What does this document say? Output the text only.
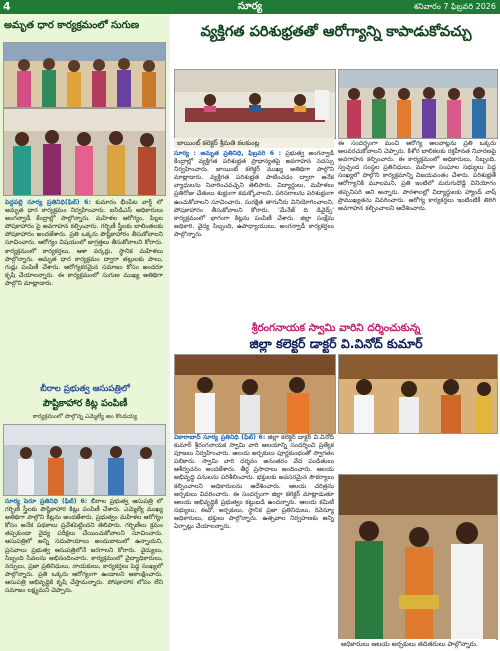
4	సూర్య	శనివారం 7 ఫిబ్రవరి 2026
అమృత ధార కార్యక్రమంలో సుగుణ
పెద్దపల్లి సూర్య ప్రతినిధి(ఫిబ్) 6: కుమారం భీంపేట వార్డ్ లో అమృత ధార కార్యక్రమం నిర్వహించారు. ఐసిడిఎస్ అధికారులు అంగన్వాడీ కేంద్రాల్లో పాల్గొన్నారు. మహిళల ఆరోగ్యం, పిల్లల పోషకాహారం పై అవగాహన కల్పించారు. గర్భిణీ స్త్రీలకు బాలింతలకు పోషకాహారం అందజేశారు. ప్రతి ఒక్కరు పౌష్టికాహారం తీసుకోవాలని సూచించారు. ఆరోగ్యం విషయంలో జాగ్రత్తలు తీసుకోవాలని కోరారు. కార్యక్రమంలో కార్యకర్తలు, ఆశా వర్కర్లు, స్థానిక మహిళలు పాల్గొన్నారు. అమృత ధార కార్యక్రమం ద్వారా తల్లులకు పాలు, గుడ్లు పంపిణీ చేశారు. ఆరోగ్యకరమైన సమాజం కోసం అందరూ కృషి చేయాలన్నారు. ఈ కార్యక్రమంలో సుగుణ ముఖ్య అతిథిగా పాల్గొని మాట్లాడారు.
బీరాల ప్రభుత్వ ఆసుపత్రిలో
పౌష్టికాహార కిట్ల పంపిణీ
కార్యక్రమంలో పాల్గొన్న ఎమ్మెల్యే అం కొండయ్య
సూర్య పెరూ ప్రతినిధి (ఫిబ్) 6: బీరాల ప్రభుత్వ ఆసుపత్రి లో గర్భిణీ స్త్రీలకు పౌష్టికాహార కిట్లు పంపిణీ చేశారు. ఎమ్మెల్యే ముఖ్య అతిథిగా పాల్గొని కిట్లను అందజేశారు. ప్రభుత్వం మహిళల ఆరోగ్యం కోసం అనేక పథకాలు ప్రవేశపెట్టిందని తెలిపారు. గర్భిణీలు క్రమం తప్పకుండా వైద్య పరీక్షలు చేయించుకోవాలని సూచించారు. ఆసుపత్రిలో అన్ని సదుపాయాలు అందుబాటులో ఉన్నాయని, ప్రసవాలు ప్రభుత్వ ఆసుపత్రిలోనే జరగాలని కోరారు. వైద్యులు, సిబ్బంది సేవలను అభినందించారు. కార్యక్రమంలో వైద్యాధికారులు, నర్సులు, ప్రజా ప్రతినిధులు, నాయకులు, కార్యకర్తలు పెద్ద సంఖ్యలో పాల్గొన్నారు. ప్రతి ఒక్కరు ఆరోగ్యంగా ఉండాలని ఆకాంక్షించారు. ఆసుపత్రి అభివృద్ధికి కృషి చేస్తామన్నారు. పోషకాహార లోపం లేని సమాజం లక్ష్యమని చెప్పారు.
వ్యక్తిగత పరిశుభ్రతతో ఆరోగ్యాన్ని కాపాడుకోవచ్చు
జాయింట్ కలెక్టర్ శ్రీమతి కలకుంట్ల
సూర్య : అమృత ప్రతినిధి, ఫిబ్రవరి 6 : ప్రభుత్వ అంగన్వాడీ కేంద్రాల్లో వ్యక్తిగత పరిశుభ్రత ప్రాధాన్యతపై అవగాహన సదస్సు నిర్వహించారు. జాయింట్ కలెక్టర్ ముఖ్య అతిథిగా పాల్గొని మాట్లాడారు. వ్యక్తిగత పరిశుభ్రత పాటించడం ద్వారా అనేక వ్యాధులను నివారించవచ్చని తెలిపారు. విద్యార్థులు, మహిళలు ప్రతిరోజు చేతులు శుభ్రంగా కడుక్కోవాలని, పరిసరాలను పరిశుభ్రంగా ఉంచుకోవాలని సూచించారు. సురక్షిత తాగునీరు వినియోగించాలని, పోషకాహారం తీసుకోవాలని కోరారు. 'మేనేజ్ ది డివైడ్స్' కార్యక్రమంలో భాగంగా కిట్లను పంపిణీ చేశారు. జిల్లా సంక్షేమ అధికారి, వైద్య సిబ్బంది, ఉపాధ్యాయులు, అంగన్వాడీ కార్యకర్తలు పాల్గొన్నారు.
ఈ సందర్భంగా మంచి ఆరోగ్య అలవాట్లను ప్రతి ఒక్కరు అలవరచుకోవాలని చెప్పారు. కిశోర బాలికలకు రక్తహీనత నివారణపై అవగాహన కల్పించారు. ఈ కార్యక్రమంలో అధికారులు, సిబ్బంది, స్వచ్ఛంద సంస్థల ప్రతినిధులు, మహిళా సంఘాల సభ్యులు పెద్ద సంఖ్యలో పాల్గొని కార్యక్రమాన్ని విజయవంతం చేశారు. పరిశుభ్రతే ఆరోగ్యానికి మూలమని, ప్రతి ఇంటిలో మరుగుదొడ్డి వినియోగం తప్పనిసరి అని అన్నారు. పాఠశాలల్లో విద్యార్థులకు హ్యాండ్ వాష్ ప్రాముఖ్యతను వివరించారు. ఆరోగ్య కార్యకర్తలు ఇంటింటికీ తిరిగి అవగాహన కల్పించాలని ఆదేశించారు.
శ్రీరంగనాయక స్వామి వారిని దర్శించుకున్న
జిల్లా కలెక్టర్ డాక్టర్ వి.వినోద్ కుమార్
వికారాబాద్ సూర్య ప్రతినిధి (ఫిబ్) 6: జిల్లా కలెక్టర్ డాక్టర్ వి.వినోద్ కుమార్ శ్రీరంగనాయక స్వామి వారి ఆలయాన్ని సందర్శించి ప్రత్యేక పూజలు నిర్వహించారు. ఆలయ అర్చకులు పూర్ణకుంభంతో స్వాగతం పలికారు. స్వామి వారి దర్శనం అనంతరం వేద పండితులు ఆశీర్వచనం అందజేశారు. తీర్థ ప్రసాదాలు అందించారు. ఆలయ అభివృద్ధి పనులను పరిశీలించారు. భక్తులకు అవసరమైన సౌకర్యాలు కల్పించాలని అధికారులను ఆదేశించారు. ఆలయ చరిత్రను అర్చకులు వివరించారు. ఈ సందర్భంగా జిల్లా కలెక్టర్ మాట్లాడుతూ ఆలయ అభివృద్ధికి ప్రభుత్వం కట్టుబడి ఉందన్నారు. ఆలయ కమిటీ సభ్యులు, ఈవో, అర్చకులు, స్థానిక ప్రజా ప్రతినిధులు, రెవెన్యూ అధికారులు, భక్తులు పాల్గొన్నారు. ఉత్సవాల నిర్వహణకు అన్ని ఏర్పాట్లు చేయాలన్నారు.
అధికారులు ఆలయ అర్చకులు తదితరులు పాల్గొన్నారు.
